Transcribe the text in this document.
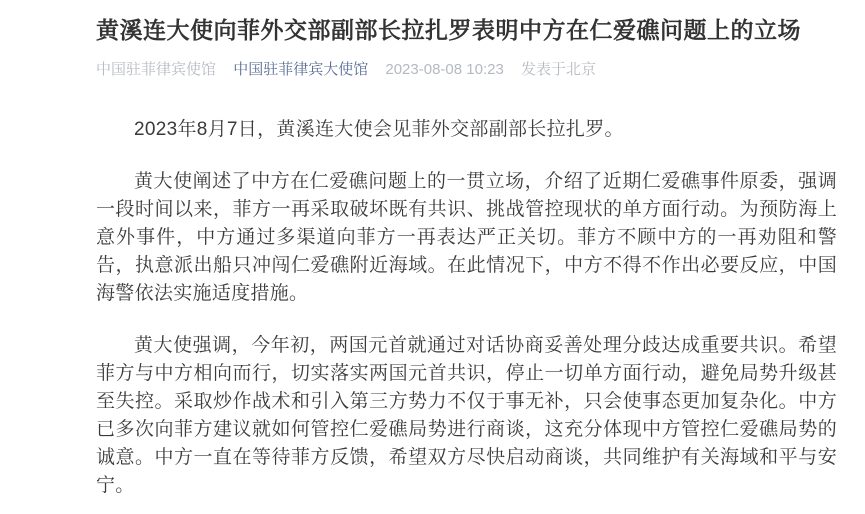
黄溪连大使向菲外交部副部长拉扎罗表明中方在仁爱礁问题上的立场
中国驻菲律宾使馆 中国驻菲律宾大使馆 2023-08-08 10:23 发表于北京

2023年8月7日，黄溪连大使会见菲外交部副部长拉扎罗。

黄大使阐述了中方在仁爱礁问题上的一贯立场，介绍了近期仁爱礁事件原委，强调一段时间以来，菲方一再采取破坏既有共识、挑战管控现状的单方面行动。为预防海上意外事件，中方通过多渠道向菲方一再表达严正关切。菲方不顾中方的一再劝阻和警告，执意派出船只冲闯仁爱礁附近海域。在此情况下，中方不得不作出必要反应，中国海警依法实施适度措施。

黄大使强调，今年初，两国元首就通过对话协商妥善处理分歧达成重要共识。希望菲方与中方相向而行，切实落实两国元首共识，停止一切单方面行动，避免局势升级甚至失控。采取炒作战术和引入第三方势力不仅于事无补，只会使事态更加复杂化。中方已多次向菲方建议就如何管控仁爱礁局势进行商谈，这充分体现中方管控仁爱礁局势的诚意。中方一直在等待菲方反馈，希望双方尽快启动商谈，共同维护有关海域和平与安宁。
